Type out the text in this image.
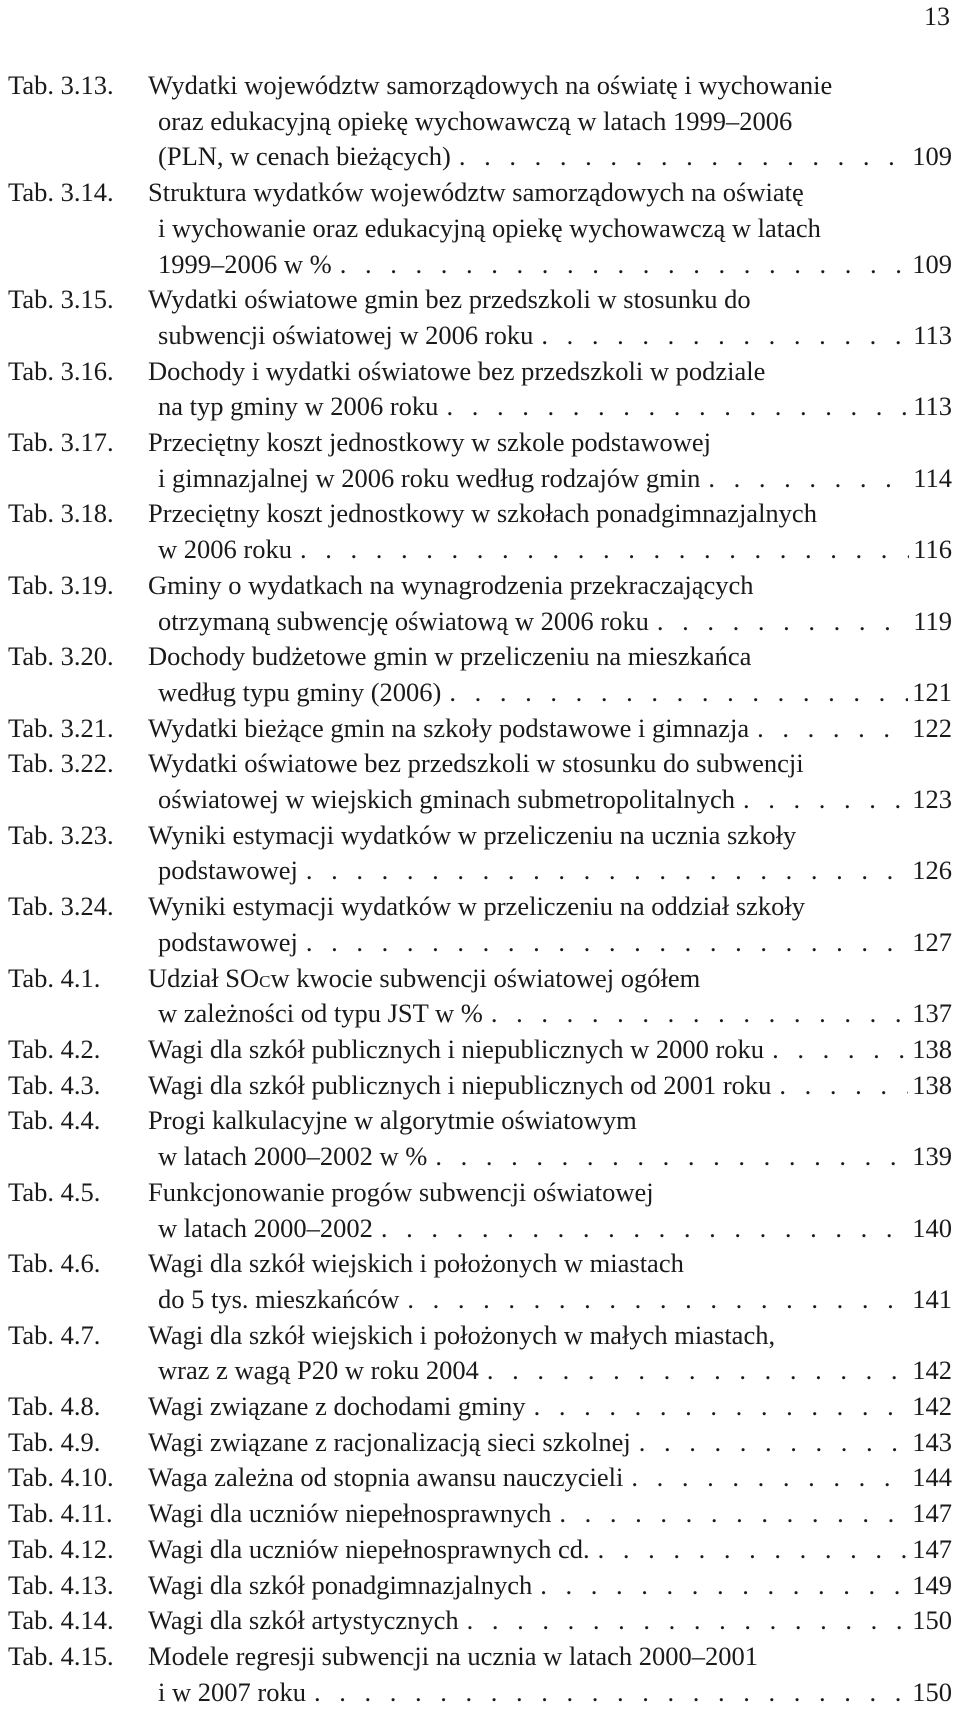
13
Tab. 3.13.	Wydatki województw samorządowych na oświatę i wychowanie
oraz edukacyjną opiekę wychowawczą w latach 1999–2006
(PLN, w cenach bieżących) . . .	109
Tab. 3.14.	Struktura wydatków województw samorządowych na oświatę
i wychowanie oraz edukacyjną opiekę wychowawczą w latach
1999–2006 w % . . .	109
Tab. 3.15.	Wydatki oświatowe gmin bez przedszkoli w stosunku do
subwencji oświatowej w 2006 roku . . .	113
Tab. 3.16.	Dochody i wydatki oświatowe bez przedszkoli w podziale
na typ gminy w 2006 roku . . .	113
Tab. 3.17.	Przeciętny koszt jednostkowy w szkole podstawowej
i gimnazjalnej w 2006 roku według rodzajów gmin . . .	114
Tab. 3.18.	Przeciętny koszt jednostkowy w szkołach ponadgimnazjalnych
w 2006 roku . . .	116
Tab. 3.19.	Gminy o wydatkach na wynagrodzenia przekraczających
otrzymaną subwencję oświatową w 2006 roku . . .	119
Tab. 3.20.	Dochody budżetowe gmin w przeliczeniu na mieszkańca
według typu gminy (2006) . . .	121
Tab. 3.21.	Wydatki bieżące gmin na szkoły podstawowe i gimnazja . . .	122
Tab. 3.22.	Wydatki oświatowe bez przedszkoli w stosunku do subwencji
oświatowej w wiejskich gminach submetropolitalnych . . .	123
Tab. 3.23.	Wyniki estymacji wydatków w przeliczeniu na ucznia szkoły
podstawowej . . .	126
Tab. 3.24.	Wyniki estymacji wydatków w przeliczeniu na oddział szkoły
podstawowej . . .	127
Tab. 4.1.	Udział SO C w kwocie subwencji oświatowej ogółem
w zależności od typu JST w % . . .	137
Tab. 4.2.	Wagi dla szkół publicznych i niepublicznych w 2000 roku . . .	138
Tab. 4.3.	Wagi dla szkół publicznych i niepublicznych od 2001 roku . . .	138
Tab. 4.4.	Progi kalkulacyjne w algorytmie oświatowym
w latach 2000–2002 w % . . .	139
Tab. 4.5.	Funkcjonowanie progów subwencji oświatowej
w latach 2000–2002 . . .	140
Tab. 4.6.	Wagi dla szkół wiejskich i położonych w miastach
do 5 tys. mieszkańców . . .	141
Tab. 4.7.	Wagi dla szkół wiejskich i położonych w małych miastach,
wraz z wagą P20 w roku 2004 . . .	142
Tab. 4.8.	Wagi związane z dochodami gminy . . .	142
Tab. 4.9.	Wagi związane z racjonalizacją sieci szkolnej . . .	143
Tab. 4.10.	Waga zależna od stopnia awansu nauczycieli . . .	144
Tab. 4.11.	Wagi dla uczniów niepełnosprawnych . . .	147
Tab. 4.12.	Wagi dla uczniów niepełnosprawnych cd. . . .	147
Tab. 4.13.	Wagi dla szkół ponadgimnazjalnych . . .	149
Tab. 4.14.	Wagi dla szkół artystycznych . . .	150
Tab. 4.15.	Modele regresji subwencji na ucznia w latach 2000–2001
i w 2007 roku . . .	150
